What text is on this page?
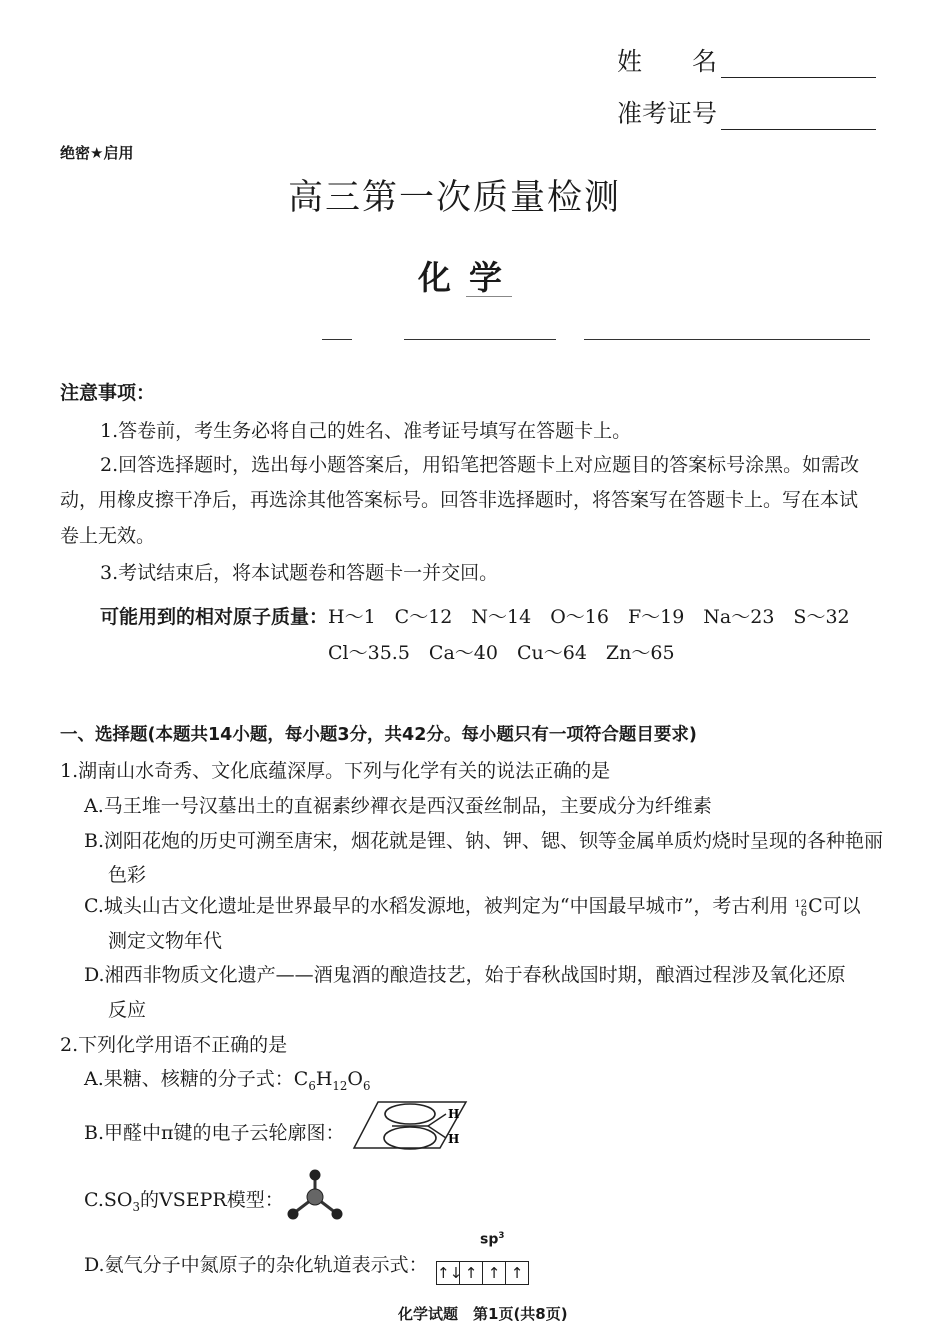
姓　　名
准考证号
绝密★启用
高三第一次质量检测
化学
注意事项：
1.答卷前，考生务必将自己的姓名、准考证号填写在答题卡上。
2.回答选择题时，选出每小题答案后，用铅笔把答题卡上对应题目的答案标号涂黑。如需改
动，用橡皮擦干净后，再选涂其他答案标号。回答非选择题时，将答案写在答题卡上。写在本试
卷上无效。
3.考试结束后，将本试题卷和答题卡一并交回。
可能用到的相对原子质量：H～1　C～12　N～14　O～16　F～19　Na～23　S～32
Cl～35.5　Ca～40　Cu～64　Zn～65
一、选择题(本题共14小题，每小题3分，共42分。每小题只有一项符合题目要求)
1.湖南山水奇秀、文化底蕴深厚。下列与化学有关的说法正确的是
A.马王堆一号汉墓出土的直裾素纱襌衣是西汉蚕丝制品，主要成分为纤维素
B.浏阳花炮的历史可溯至唐宋，烟花就是锂、钠、钾、锶、钡等金属单质灼烧时呈现的各种艳丽
色彩
C.城头山古文化遗址是世界最早的水稻发源地，被判定为“中国最早城市”，考古利用 12
6C可以
测定文物年代
D.湘西非物质文化遗产——酒鬼酒的酿造技艺，始于春秋战国时期，酿酒过程涉及氧化还原
反应
2.下列化学用语不正确的是
A.果糖、核糖的分子式：$C_6H_{12}O_6$
B.甲醛中π键的电子云轮廓图：
H
H
$C.SO_3$的VSEPR模型：
D.氨气分子中氮原子的杂化轨道表示式：
$sp^3$
↑↓ ↑ ↑ ↑
化学试题　第1页(共8页)
